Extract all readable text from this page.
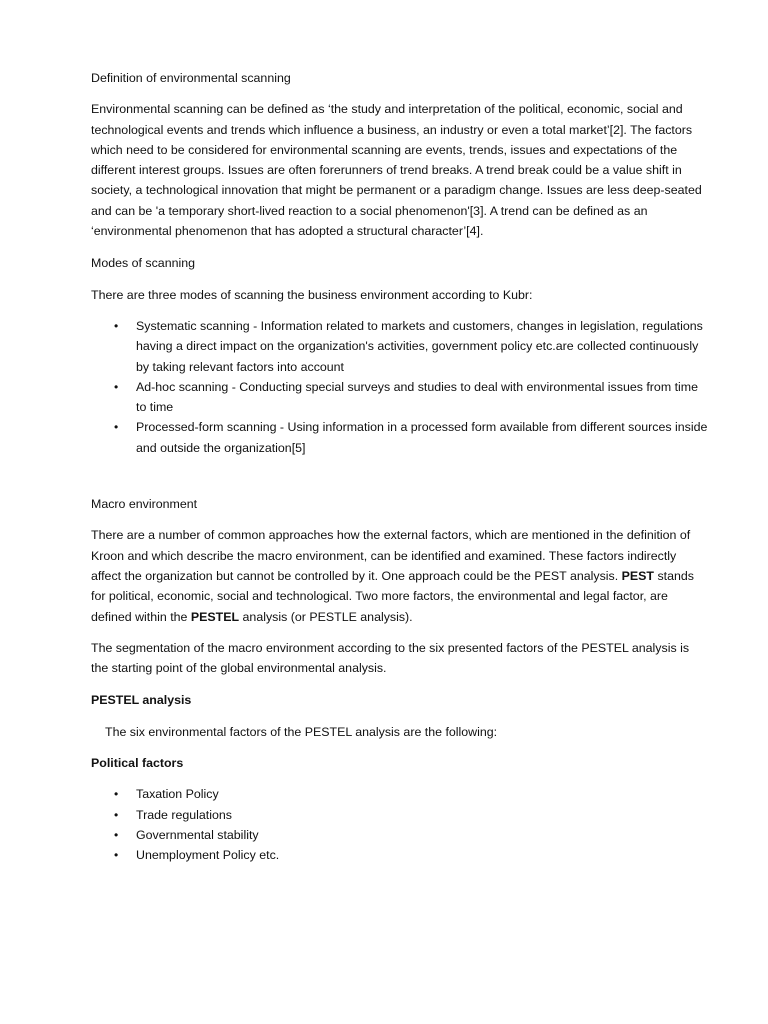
Definition of environmental scanning

Environmental scanning can be defined as ‘the study and interpretation of the political, economic, social and technological events and trends which influence a business, an industry or even a total market’[2]. The factors which need to be considered for environmental scanning are events, trends, issues and expectations of the different interest groups. Issues are often forerunners of trend breaks. A trend break could be a value shift in society, a technological innovation that might be permanent or a paradigm change. Issues are less deep-seated and can be 'a temporary short-lived reaction to a social phenomenon'[3]. A trend can be defined as an ‘environmental phenomenon that has adopted a structural character’[4].

Modes of scanning

There are three modes of scanning the business environment according to Kubr:

• Systematic scanning - Information related to markets and customers, changes in legislation, regulations having a direct impact on the organization's activities, government policy etc.are collected continuously by taking relevant factors into account
• Ad-hoc scanning - Conducting special surveys and studies to deal with environmental issues from time to time
• Processed-form scanning - Using information in a processed form available from different sources inside and outside the organization[5]
Macro environment

There are a number of common approaches how the external factors, which are mentioned in the definition of Kroon and which describe the macro environment, can be identified and examined. These factors indirectly affect the organization but cannot be controlled by it. One approach could be the PEST analysis. PEST stands for political, economic, social and technological. Two more factors, the environmental and legal factor, are defined within the PESTEL analysis (or PESTLE analysis).

The segmentation of the macro environment according to the six presented factors of the PESTEL analysis is the starting point of the global environmental analysis.

PESTEL analysis

The six environmental factors of the PESTEL analysis are the following:

Political factors
• Taxation Policy
• Trade regulations
• Governmental stability
• Unemployment Policy etc.
